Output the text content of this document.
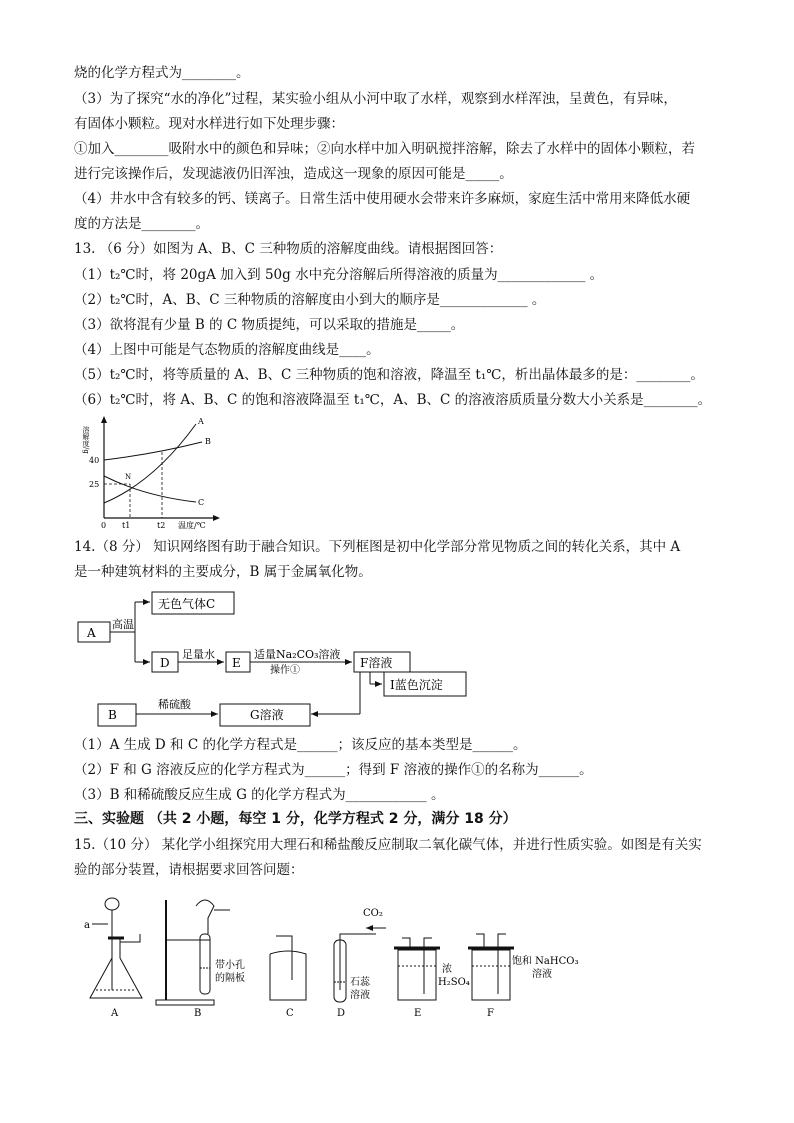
烧的化学方程式为________。
（3）为了探究“水的净化”过程，某实验小组从小河中取了水样，观察到水样浑浊，呈黄色，有异味，
有固体小颗粒。现对水样进行如下处理步骤：
①加入________吸附水中的颜色和异味；②向水样中加入明矾搅拌溶解，除去了水样中的固体小颗粒，若
进行完该操作后，发现滤液仍旧浑浊，造成这一现象的原因可能是_____。
（4）井水中含有较多的钙、镁离子。日常生活中使用硬水会带来许多麻烦，家庭生活中常用来降低水硬
度的方法是________。
13. （6 分）如图为 A、B、C 三种物质的溶解度曲线。请根据图回答：
（1）t₂℃时，将 20gA 加入到 50g 水中充分溶解后所得溶液的质量为_____________ 。
（2）t₂℃时，A、B、C 三种物质的溶解度由小到大的顺序是_____________ 。
（3）欲将混有少量 B 的 C 物质提纯，可以采取的措施是_____。
（4）上图中可能是气态物质的溶解度曲线是____。
（5）t₂℃时，将等质量的 A、B、C 三种物质的饱和溶液，降温至 t₁℃，析出晶体最多的是：________。
（6）t₂℃时，将 A、B、C 的饱和溶液降温至 t₁℃，A、B、C 的溶液溶质质量分数大小关系是________。
14.（8 分） 知识网络图有助于融合知识。下列框图是初中化学部分常见物质之间的转化关系，其中 A
是一种建筑材料的主要成分，B 属于金属氧化物。
（1）A 生成 D 和 C 的化学方程式是______；该反应的基本类型是______。
（2）F 和 G 溶液反应的化学方程式为______；得到 F 溶液的操作①的名称为______。
（3）B 和稀硫酸反应生成 G 的化学方程式为____________ 。
三、实验题 （共 2 小题，每空 1 分，化学方程式 2 分，满分 18 分）
15.（10 分） 某化学小组探究用大理石和稀盐酸反应制取二氧化碳气体，并进行性质实验。如图是有关实
验的部分装置，请根据要求回答问题：
溶解度/g
温度/℃
40
25
0 t1	t2
N
A
B
C
A
高温
无色气体C
D
足量水
E
适量Na₂CO₃溶液
操作①
F溶液
I蓝色沉淀
B
稀硫酸
G溶液
a
带小孔
的隔板
CO₂
石蕊
溶液
浓
H₂SO₄
饱和 NaHCO₃
溶液
A	B	C	D	E	F
